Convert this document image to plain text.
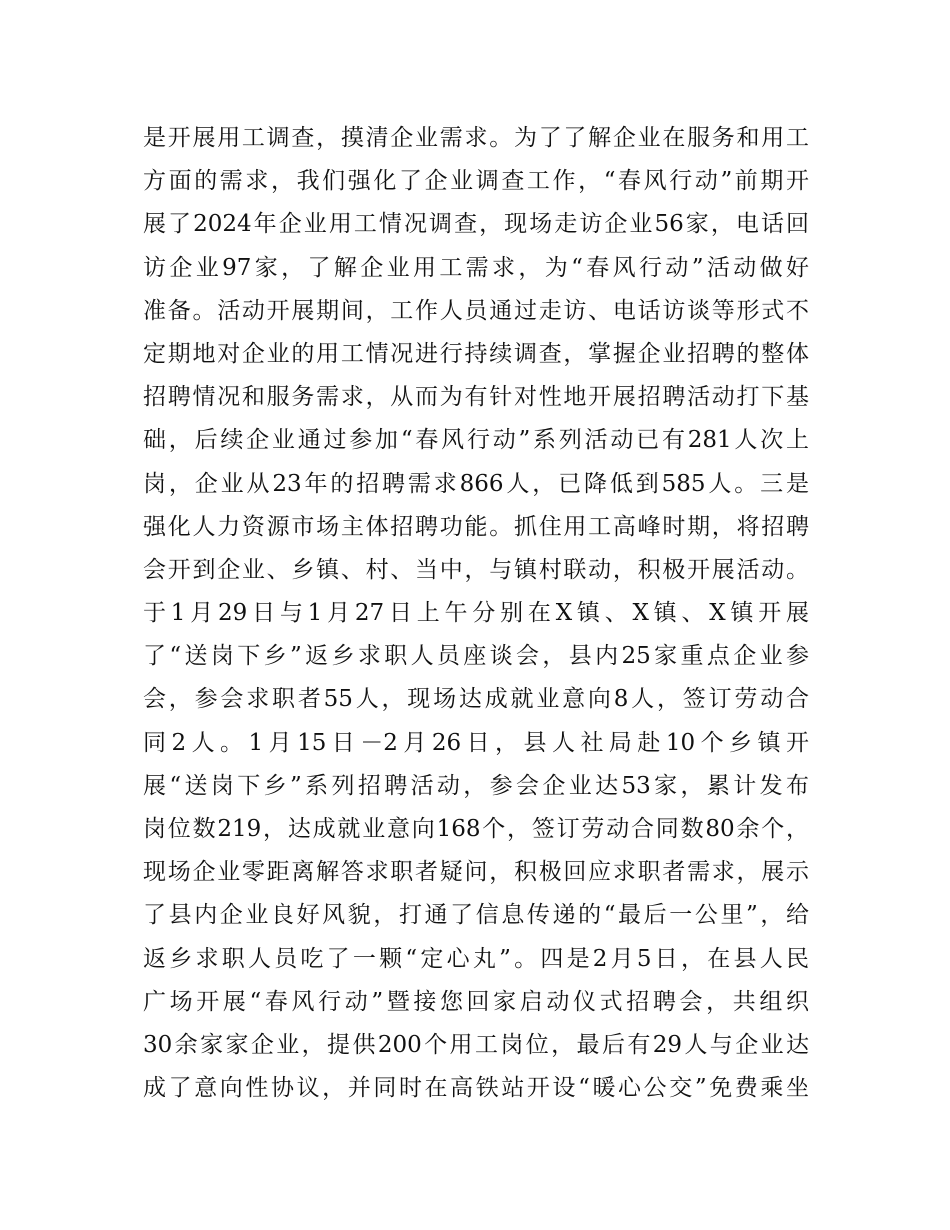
是开展用工调查，摸清企业需求。为了了解企业在服务和用工
方面的需求，我们强化了企业调查工作，“春风行动”前期开
展了2024年企业用工情况调查，现场走访企业56家，电话回
访企业97家，了解企业用工需求，为“春风行动”活动做好
准备。活动开展期间，工作人员通过走访、电话访谈等形式不
定期地对企业的用工情况进行持续调查，掌握企业招聘的整体
招聘情况和服务需求，从而为有针对性地开展招聘活动打下基
础，后续企业通过参加“春风行动”系列活动已有281人次上
岗，企业从23年的招聘需求866人，已降低到585人。三是
强化人力资源市场主体招聘功能。抓住用工高峰时期，将招聘
会开到企业、乡镇、村、当中，与镇村联动，积极开展活动。
于1月29日与1月27日上午分别在X镇、X镇、X镇开展
了“送岗下乡”返乡求职人员座谈会，县内25家重点企业参
会，参会求职者55人，现场达成就业意向8人，签订劳动合
同2人。1月15日－2月26日，县人社局赴10个乡镇开
展“送岗下乡”系列招聘活动，参会企业达53家，累计发布
岗位数219，达成就业意向168个，签订劳动合同数80余个，
现场企业零距离解答求职者疑问，积极回应求职者需求，展示
了县内企业良好风貌，打通了信息传递的“最后一公里”，给
返乡求职人员吃了一颗“定心丸”。四是2月5日，在县人民
广场开展“春风行动”暨接您回家启动仪式招聘会，共组织
30余家家企业，提供200个用工岗位，最后有29人与企业达
成了意向性协议，并同时在高铁站开设“暖心公交”免费乘坐
